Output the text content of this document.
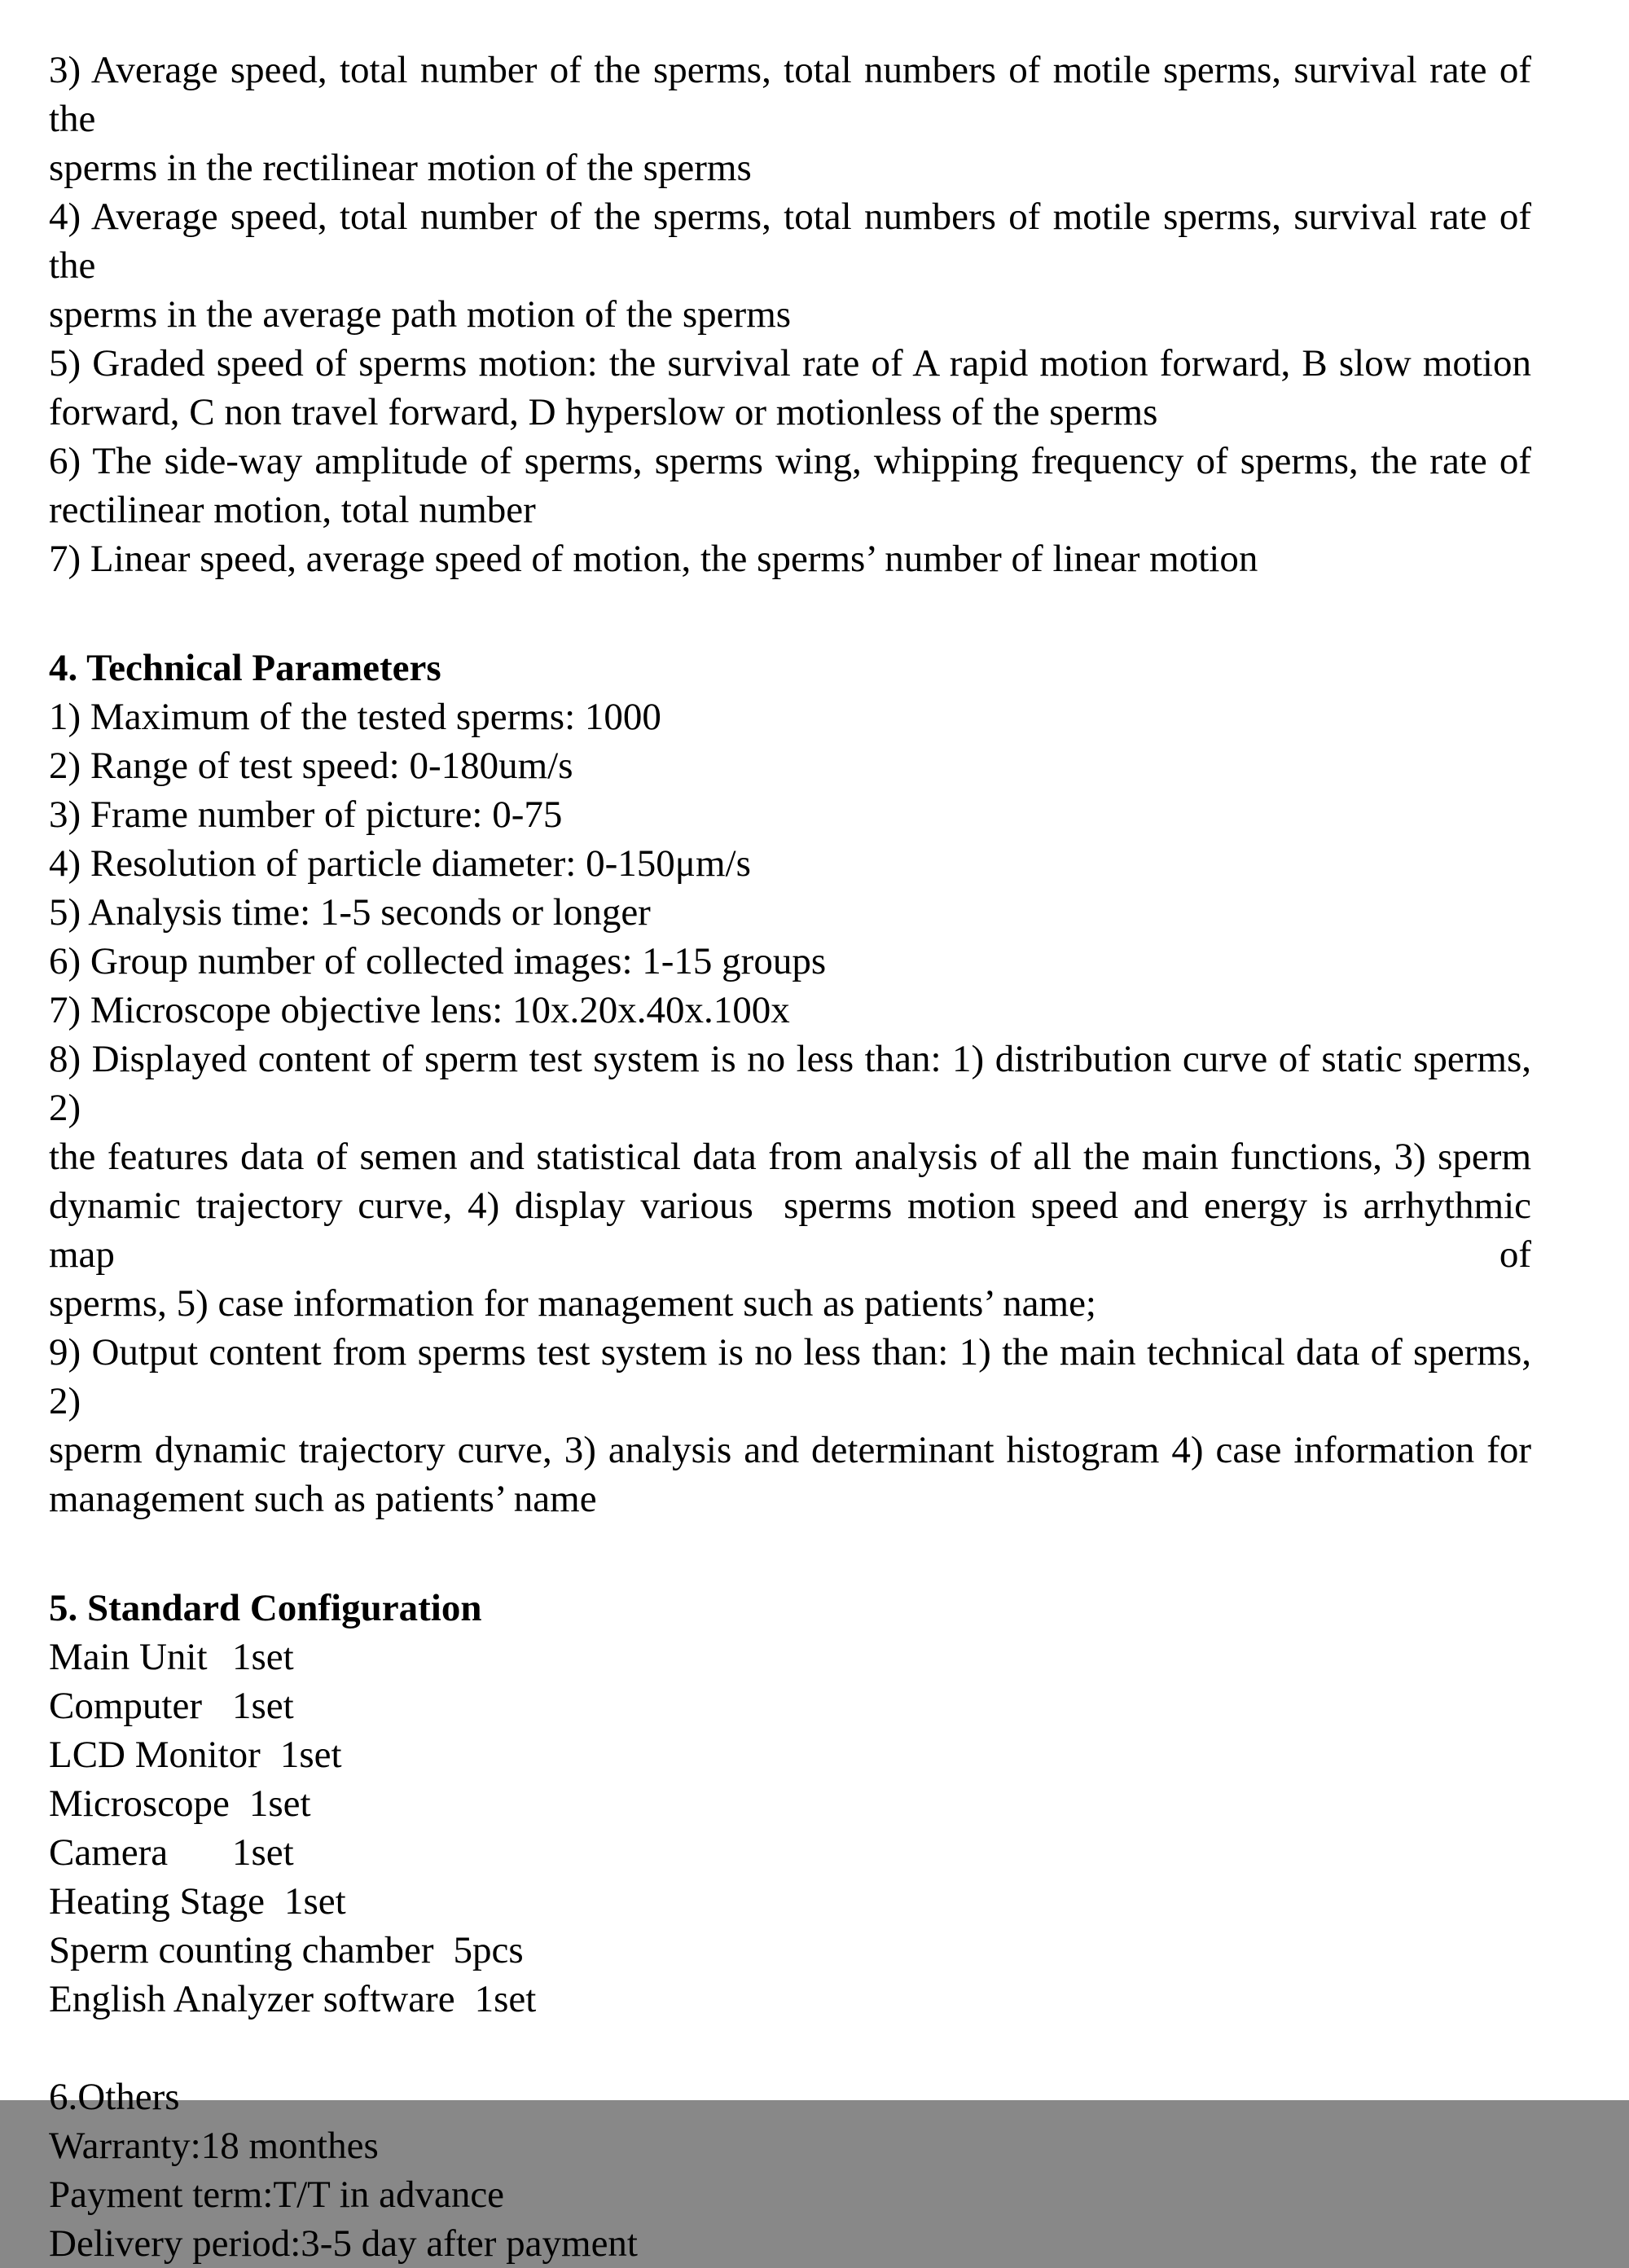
3) Average speed, total number of the sperms, total numbers of motile sperms, survival rate of the
sperms in the rectilinear motion of the sperms
4) Average speed, total number of the sperms, total numbers of motile sperms, survival rate of the
sperms in the average path motion of the sperms
5) Graded speed of sperms motion: the survival rate of A rapid motion forward, B slow motion
forward, C non travel forward, D hyperslow or motionless of the sperms
6) The side-way amplitude of sperms, sperms wing, whipping frequency of sperms, the rate of
rectilinear motion, total number
7) Linear speed, average speed of motion, the sperms’ number of linear motion
4. Technical Parameters
1) Maximum of the tested sperms: 1000
2) Range of test speed: 0-180um/s
3) Frame number of picture: 0-75
4) Resolution of particle diameter: 0-150μm/s
5) Analysis time: 1-5 seconds or longer
6) Group number of collected images: 1-15 groups
7) Microscope objective lens: 10x.20x.40x.100x
8) Displayed content of sperm test system is no less than: 1) distribution curve of static sperms, 2)
the features data of semen and statistical data from analysis of all the main functions, 3) sperm
dynamic trajectory curve, 4) display various  sperms motion speed and energy is arrhythmic map of
sperms, 5) case information for management such as patients’ name;
9) Output content from sperms test system is no less than: 1) the main technical data of sperms, 2)
sperm dynamic trajectory curve, 3) analysis and determinant histogram 4) case information for
management such as patients’ name
5. Standard Configuration
Main Unit 1set
Computer 1set
LCD Monitor 1set
Microscope 1set
Camera 1set
Heating Stage 1set
Sperm counting chamber 5pcs
English Analyzer software 1set
6.Others
Warranty:18 monthes
Payment term:T/T in advance
Delivery period:3-5 day after payment
